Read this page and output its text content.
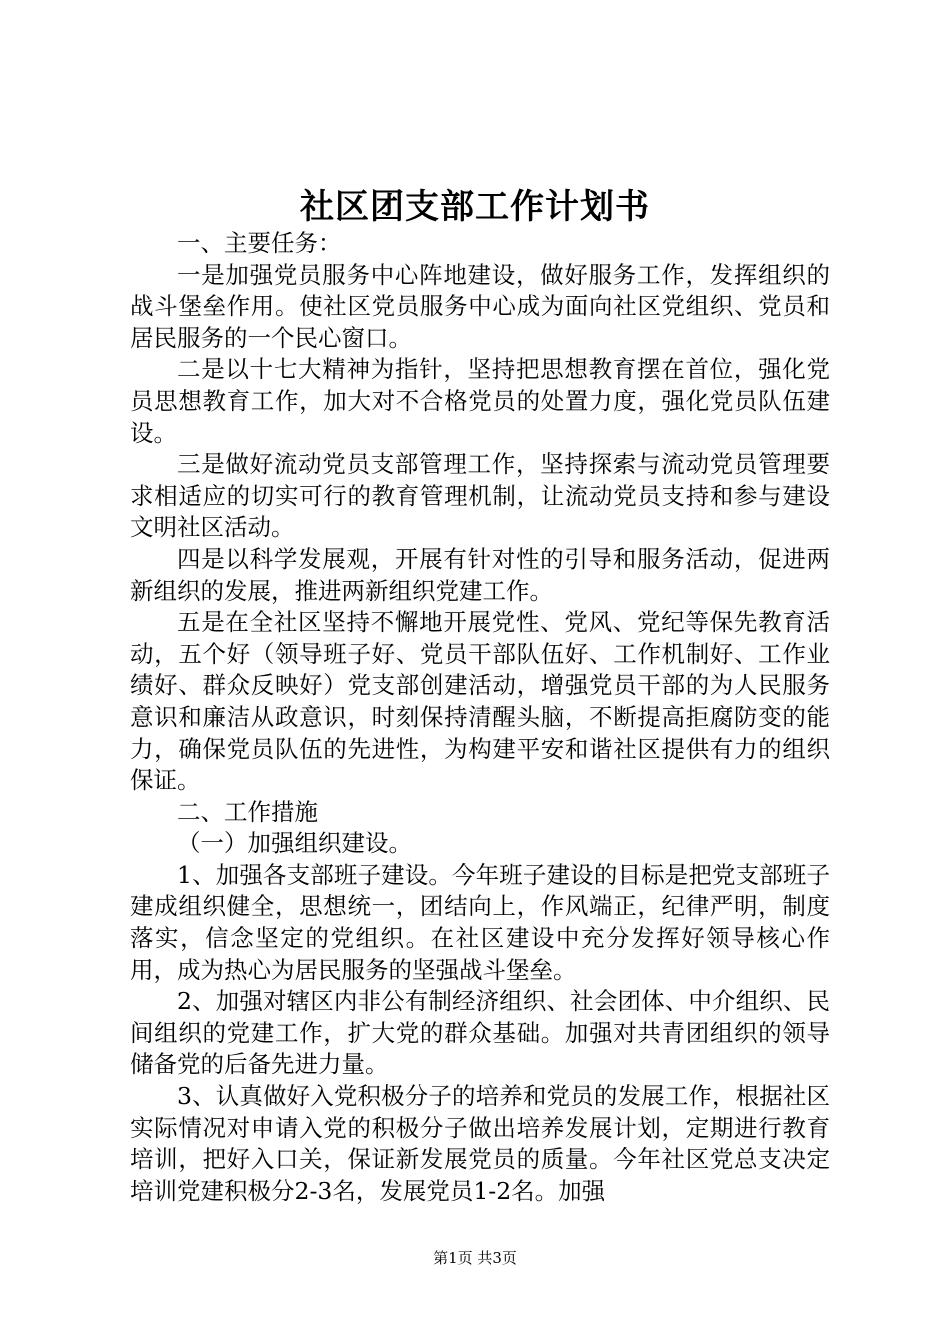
社区团支部工作计划书

一、主要任务：

一是加强党员服务中心阵地建设，做好服务工作，发挥组织的战斗堡垒作用。使社区党员服务中心成为面向社区党组织、党员和居民服务的一个民心窗口。

二是以十七大精神为指针，坚持把思想教育摆在首位，强化党员思想教育工作，加大对不合格党员的处置力度，强化党员队伍建设。

三是做好流动党员支部管理工作，坚持探索与流动党员管理要求相适应的切实可行的教育管理机制，让流动党员支持和参与建设文明社区活动。

四是以科学发展观，开展有针对性的引导和服务活动，促进两新组织的发展，推进两新组织党建工作。

五是在全社区坚持不懈地开展党性、党风、党纪等保先教育活动，五个好（领导班子好、党员干部队伍好、工作机制好、工作业绩好、群众反映好）党支部创建活动，增强党员干部的为人民服务意识和廉洁从政意识，时刻保持清醒头脑，不断提高拒腐防变的能力，确保党员队伍的先进性，为构建平安和谐社区提供有力的组织保证。

二、工作措施

（一）加强组织建设。

1、加强各支部班子建设。今年班子建设的目标是把党支部班子建成组织健全，思想统一，团结向上，作风端正，纪律严明，制度落实，信念坚定的党组织。在社区建设中充分发挥好领导核心作用，成为热心为居民服务的坚强战斗堡垒。

2、加强对辖区内非公有制经济组织、社会团体、中介组织、民间组织的党建工作，扩大党的群众基础。加强对共青团组织的领导储备党的后备先进力量。

3、认真做好入党积极分子的培养和党员的发展工作，根据社区实际情况对申请入党的积极分子做出培养发展计划，定期进行教育培训，把好入口关，保证新发展党员的质量。今年社区党总支决定培训党建积极分2-3名，发展党员1-2名。加强

第1页 共3页
